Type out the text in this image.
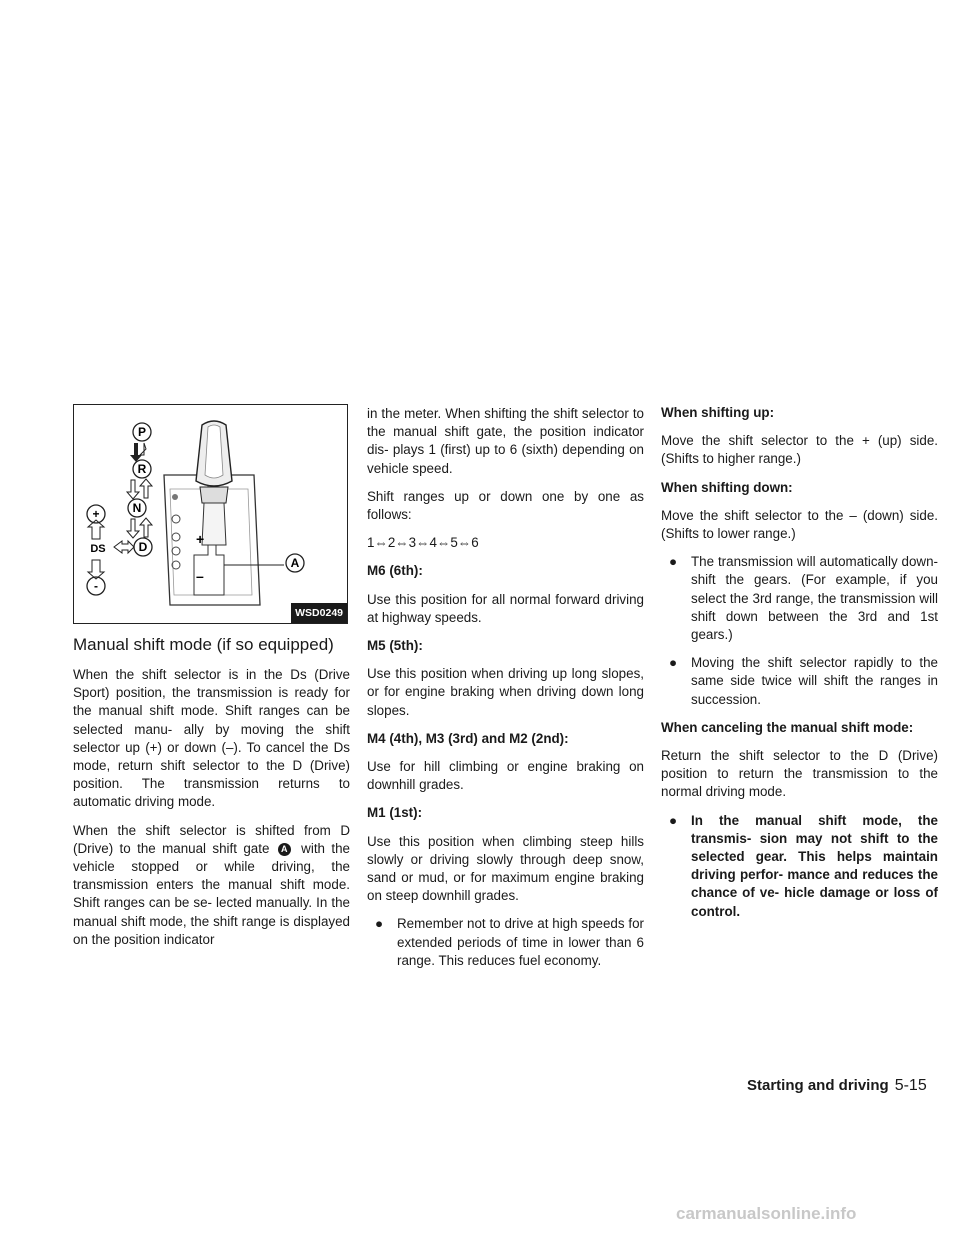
+
–
P
R
N
D
+
-
A
DS
WSD0249
Manual shift mode (if so equipped)

When the shift selector is in the Ds (Drive Sport) position, the transmission is ready for the manual shift mode. Shift ranges can be selected manu- ally by moving the shift selector up (+) or down (–). To cancel the Ds mode, return shift selector to the D (Drive) position. The transmission returns to automatic driving mode.

When the shift selector is shifted from D (Drive) to the manual shift gate A with the vehicle stopped or while driving, the transmission enters the manual shift mode. Shift ranges can be se- lected manually. In the manual shift mode, the shift range is displayed on the position indicator

in the meter. When shifting the shift selector to the manual shift gate, the position indicator dis- plays 1 (first) up to 6 (sixth) depending on vehicle speed.

Shift ranges up or down one by one as follows:

1⇔2⇔3⇔4⇔5⇔6

M6 (6th):

Use this position for all normal forward driving at highway speeds.

M5 (5th):

Use this position when driving up long slopes, or for engine braking when driving down long slopes.

M4 (4th), M3 (3rd) and M2 (2nd):

Use for hill climbing or engine braking on downhill grades.

M1 (1st):

Use this position when climbing steep hills slowly or driving slowly through deep snow, sand or mud, or for maximum engine braking on steep downhill grades.

●	Remember not to drive at high speeds for extended periods of time in lower than 6 range. This reduces fuel economy.

When shifting up:

Move the shift selector to the + (up) side. (Shifts to higher range.)

When shifting down:

Move the shift selector to the – (down) side. (Shifts to lower range.)

●	The transmission will automatically down- shift the gears. (For example, if you select the 3rd range, the transmission will shift down between the 3rd and 1st gears.)
●	Moving the shift selector rapidly to the same side twice will shift the ranges in succession.

When canceling the manual shift mode:

Return the shift selector to the D (Drive) position to return the transmission to the normal driving mode.

●	In the manual shift mode, the transmis- sion may not shift to the selected gear. This helps maintain driving perfor- mance and reduces the chance of ve- hicle damage or loss of control.
Starting and driving 5-15
carmanualsonline.info
